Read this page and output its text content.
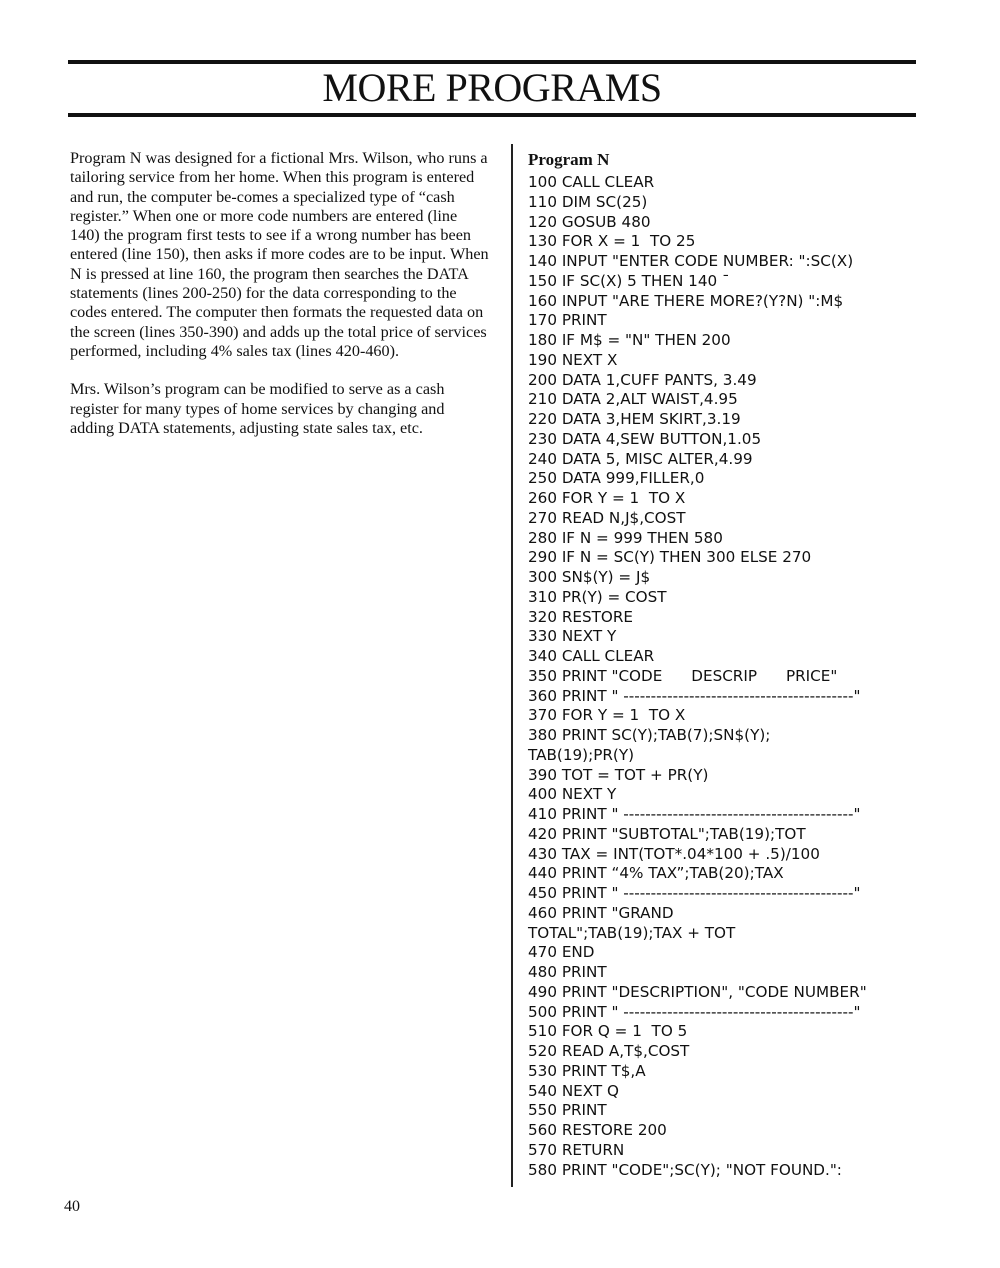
MORE PROGRAMS

Program N was designed for a fictional Mrs. Wilson, who runs a tailoring service from her home. When this program is entered and run, the computer be-comes a specialized type of “cash register.” When one or more code numbers are entered (line 140) the program first tests to see if a wrong number has been entered (line 150), then asks if more codes are to be input. When N is pressed at line 160, the program then searches the DATA statements (lines 200-250) for the data corresponding to the codes entered. The computer then formats the requested data on the screen (lines 350-390) and adds up the total price of services performed, including 4% sales tax (lines 420-460).

Mrs. Wilson’s program can be modified to serve as a cash register for many types of home services by changing and adding DATA statements, adjusting state sales tax, etc.

Program N
100 CALL CLEAR
110 DIM SC(25)
120 GOSUB 480
130 FOR X = 1  TO 25
140 INPUT "ENTER CODE NUMBER: ":SC(X)
150 IF SC(X) 5 THEN 140 ˉ
160 INPUT "ARE THERE MORE?(Y?N) ":M$
170 PRINT
180 IF M$ = "N" THEN 200
190 NEXT X
200 DATA 1,CUFF PANTS, 3.49
210 DATA 2,ALT WAIST,4.95
220 DATA 3,HEM SKIRT,3.19
230 DATA 4,SEW BUTTON,1.05
240 DATA 5, MISC ALTER,4.99
250 DATA 999,FILLER,0
260 FOR Y = 1  TO X
270 READ N,J$,COST
280 IF N = 999 THEN 580
290 IF N = SC(Y) THEN 300 ELSE 270
300 SN$(Y) = J$
310 PR(Y) = COST
320 RESTORE
330 NEXT Y
340 CALL CLEAR
350 PRINT "CODE      DESCRIP      PRICE"
360 PRINT " ------------------------------------------"
370 FOR Y = 1  TO X
380 PRINT SC(Y);TAB(7);SN$(Y);
TAB(19);PR(Y)
390 TOT = TOT + PR(Y)
400 NEXT Y
410 PRINT " ------------------------------------------"
420 PRINT "SUBTOTAL";TAB(19);TOT
430 TAX = INT(TOT*.04*100 + .5)/100
440 PRINT “4% TAX”;TAB(20);TAX
450 PRINT " ------------------------------------------"
460 PRINT "GRAND
TOTAL";TAB(19);TAX + TOT
470 END
480 PRINT
490 PRINT "DESCRIPTION", "CODE NUMBER"
500 PRINT " ------------------------------------------"
510 FOR Q = 1  TO 5
520 READ A,T$,COST
530 PRINT T$,A
540 NEXT Q
550 PRINT
560 RESTORE 200
570 RETURN
580 PRINT "CODE";SC(Y); "NOT FOUND.":
40
